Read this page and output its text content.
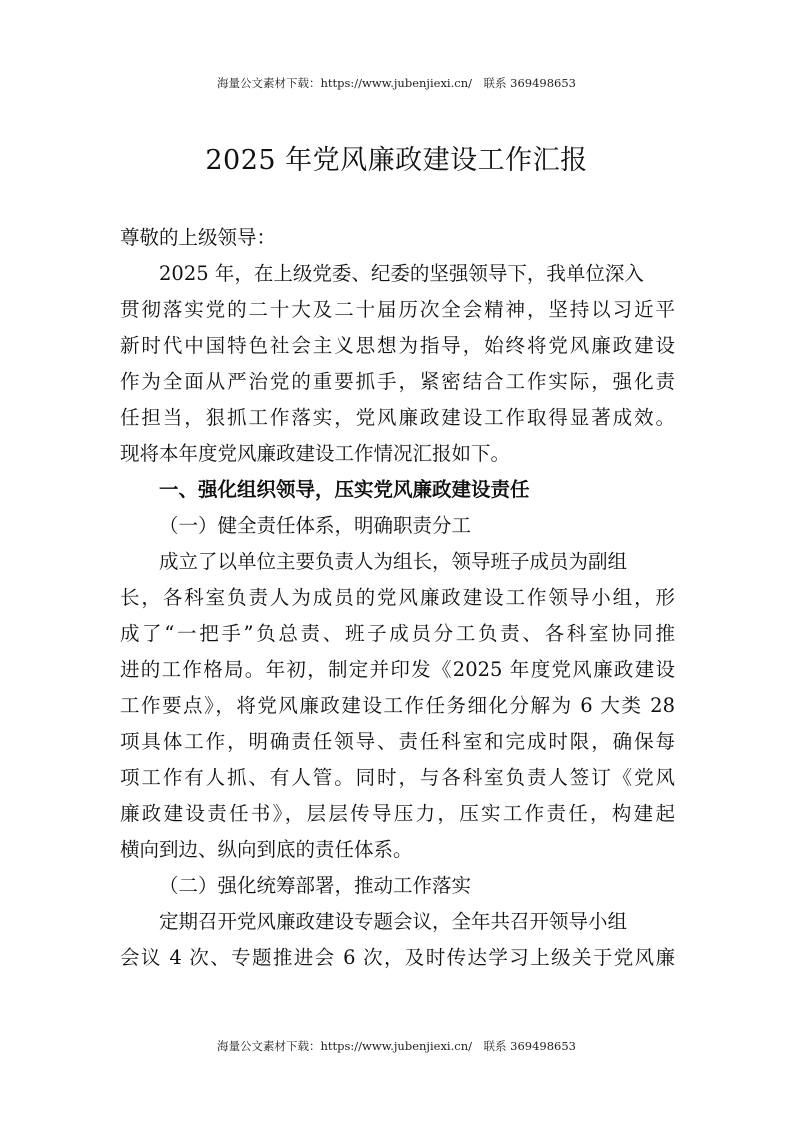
海量公文素材下载：https://www.jubenjiexi.cn/　联系 369498653
2025 年党风廉政建设工作汇报
尊敬的上级领导：
2025 年，在上级党委、纪委的坚强领导下，我单位深入
贯彻落实党的二十大及二十届历次全会精神，坚持以习近平
新时代中国特色社会主义思想为指导，始终将党风廉政建设
作为全面从严治党的重要抓手，紧密结合工作实际，强化责
任担当，狠抓工作落实，党风廉政建设工作取得显著成效。
现将本年度党风廉政建设工作情况汇报如下。
一、强化组织领导，压实党风廉政建设责任
（一）健全责任体系，明确职责分工
成立了以单位主要负责人为组长，领导班子成员为副组
长，各科室负责人为成员的党风廉政建设工作领导小组，形
成了“一把手”负总责、班子成员分工负责、各科室协同推
进的工作格局。年初，制定并印发《2025 年度党风廉政建设
工作要点》，将党风廉政建设工作任务细化分解为 6 大类 28
项具体工作，明确责任领导、责任科室和完成时限，确保每
项工作有人抓、有人管。同时，与各科室负责人签订《党风
廉政建设责任书》，层层传导压力，压实工作责任，构建起
横向到边、纵向到底的责任体系。
（二）强化统筹部署，推动工作落实
定期召开党风廉政建设专题会议，全年共召开领导小组
会议 4 次、专题推进会 6 次，及时传达学习上级关于党风廉
海量公文素材下载：https://www.jubenjiexi.cn/　联系 369498653
